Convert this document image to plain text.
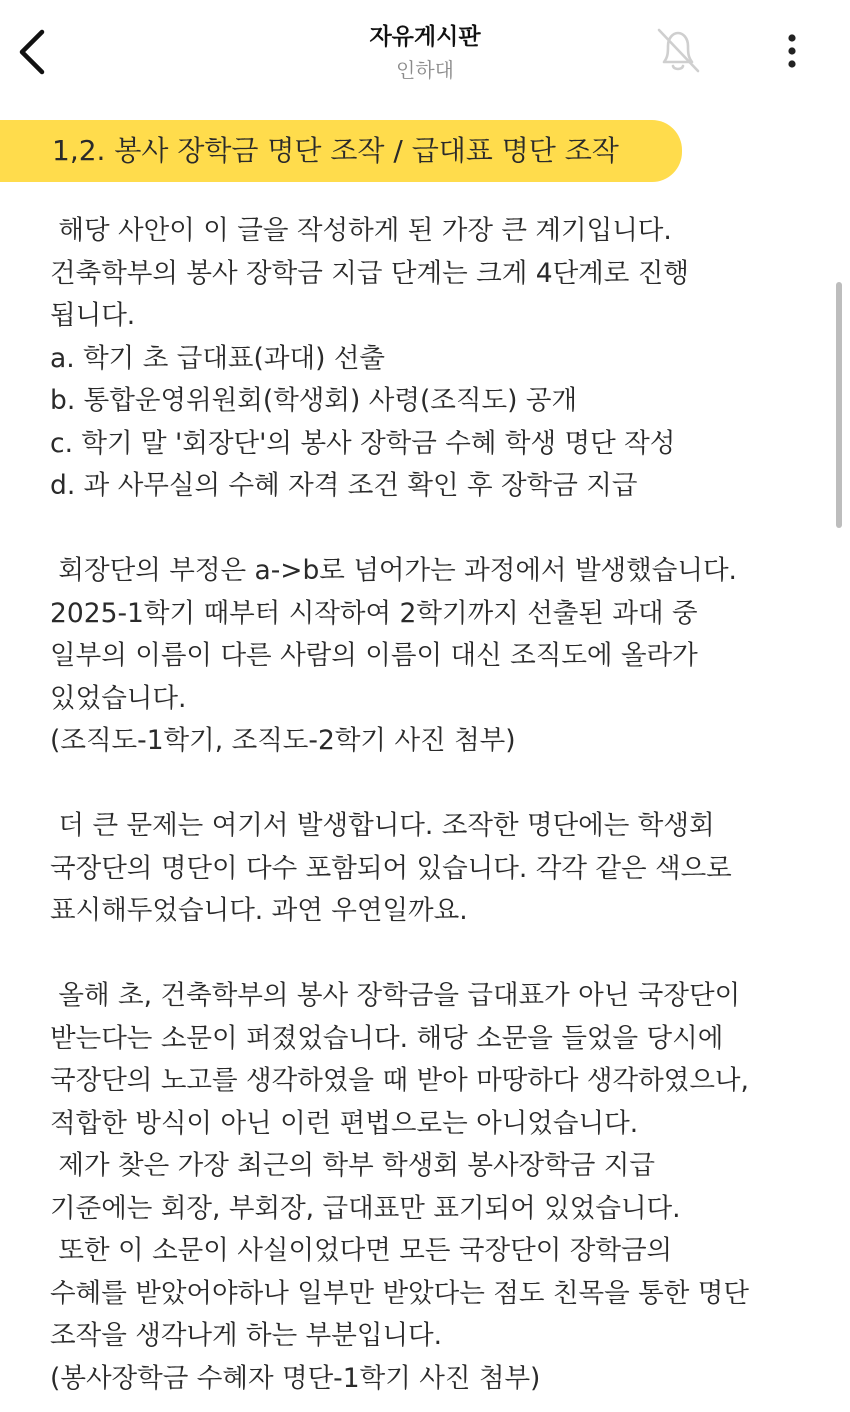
자유게시판
인하대
1,2. 봉사 장학금 명단 조작 / 급대표 명단 조작
해당 사안이 이 글을 작성하게 된 가장 큰 계기입니다.
건축학부의 봉사 장학금 지급 단계는 크게 4단계로 진행
됩니다.
a. 학기 초 급대표(과대) 선출
b. 통합운영위원회(학생회) 사령(조직도) 공개
c. 학기 말 '회장단'의 봉사 장학금 수혜 학생 명단 작성
d. 과 사무실의 수혜 자격 조건 확인 후 장학금 지급
회장단의 부정은 a->b로 넘어가는 과정에서 발생했습니다.
2025-1학기 때부터 시작하여 2학기까지 선출된 과대 중
일부의 이름이 다른 사람의 이름이 대신 조직도에 올라가
있었습니다.
(조직도-1학기, 조직도-2학기 사진 첨부)
더 큰 문제는 여기서 발생합니다. 조작한 명단에는 학생회
국장단의 명단이 다수 포함되어 있습니다. 각각 같은 색으로
표시해두었습니다. 과연 우연일까요.
올해 초, 건축학부의 봉사 장학금을 급대표가 아닌 국장단이
받는다는 소문이 퍼졌었습니다. 해당 소문을 들었을 당시에
국장단의 노고를 생각하였을 때 받아 마땅하다 생각하였으나,
적합한 방식이 아닌 이런 편법으로는 아니었습니다.
제가 찾은 가장 최근의 학부 학생회 봉사장학금 지급
기준에는 회장, 부회장, 급대표만 표기되어 있었습니다.
또한 이 소문이 사실이었다면 모든 국장단이 장학금의
수혜를 받았어야하나 일부만 받았다는 점도 친목을 통한 명단
조작을 생각나게 하는 부분입니다.
(봉사장학금 수혜자 명단-1학기 사진 첨부)
